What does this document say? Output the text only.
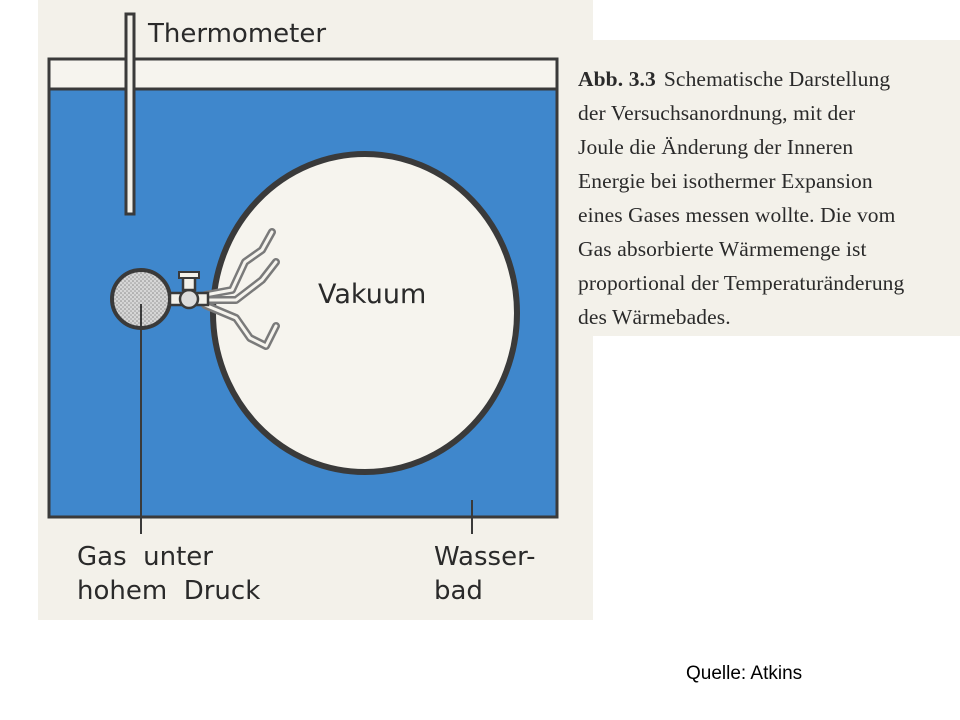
Thermometer
Vakuum
Gas  unter
hohem  Druck
Wasser-
bad
Abb. 3.3 Schematische Darstellung
der Versuchsanordnung, mit der
Joule die Änderung der Inneren
Energie bei isothermer Expansion
eines Gases messen wollte. Die vom
Gas absorbierte Wärmemenge ist
proportional der Temperaturänderung
des Wärmebades.
Quelle: Atkins
